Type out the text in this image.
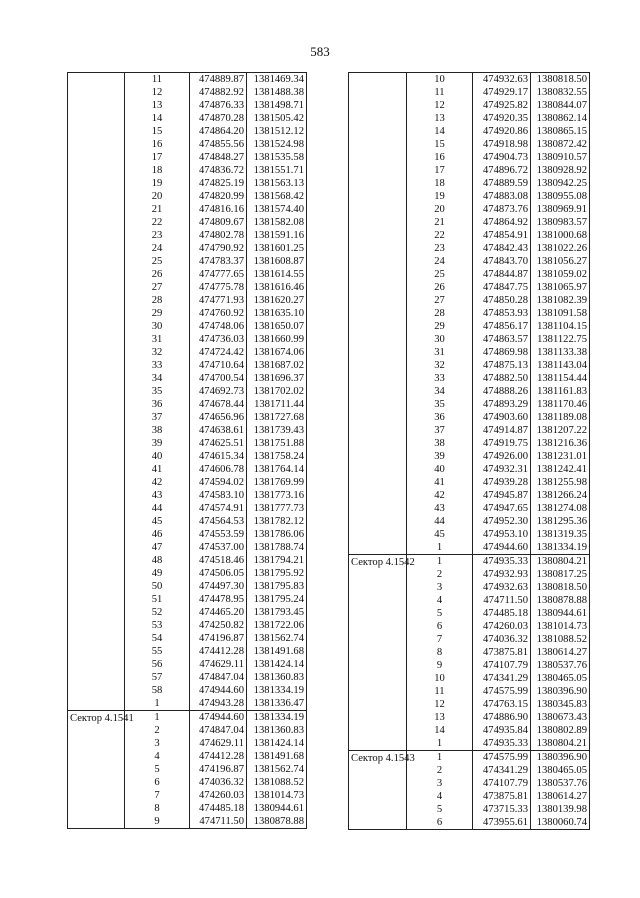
583
	11	474889.87	1381469.34
	12	474882.92	1381488.38
	13	474876.33	1381498.71
	14	474870.28	1381505.42
	15	474864.20	1381512.12
	16	474855.56	1381524.98
	17	474848.27	1381535.58
	18	474836.72	1381551.71
	19	474825.19	1381563.13
	20	474820.99	1381568.42
	21	474816.16	1381574.40
	22	474809.67	1381582.08
	23	474802.78	1381591.16
	24	474790.92	1381601.25
	25	474783.37	1381608.87
	26	474777.65	1381614.55
	27	474775.78	1381616.46
	28	474771.93	1381620.27
	29	474760.92	1381635.10
	30	474748.06	1381650.07
	31	474736.03	1381660.99
	32	474724.42	1381674.06
	33	474710.64	1381687.02
	34	474700.54	1381696.37
	35	474692.73	1381702.02
	36	474678.44	1381711.44
	37	474656.96	1381727.68
	38	474638.61	1381739.43
	39	474625.51	1381751.88
	40	474615.34	1381758.24
	41	474606.78	1381764.14
	42	474594.02	1381769.99
	43	474583.10	1381773.16
	44	474574.91	1381777.73
	45	474564.53	1381782.12
	46	474553.59	1381786.06
	47	474537.00	1381788.74
	48	474518.46	1381794.21
	49	474506.05	1381795.92
	50	474497.30	1381795.83
	51	474478.95	1381795.24
	52	474465.20	1381793.45
	53	474250.82	1381722.06
	54	474196.87	1381562.74
	55	474412.28	1381491.68
	56	474629.11	1381424.14
	57	474847.04	1381360.83
	58	474944.60	1381334.19
	1	474943.28	1381336.47
Сектор 4.1541	1	474944.60	1381334.19
	2	474847.04	1381360.83
	3	474629.11	1381424.14
	4	474412.28	1381491.68
	5	474196.87	1381562.74
	6	474036.32	1381088.52
	7	474260.03	1381014.73
	8	474485.18	1380944.61
	9	474711.50	1380878.88
	10	474932.63	1380818.50
	11	474929.17	1380832.55
	12	474925.82	1380844.07
	13	474920.35	1380862.14
	14	474920.86	1380865.15
	15	474918.98	1380872.42
	16	474904.73	1380910.57
	17	474896.72	1380928.92
	18	474889.59	1380942.25
	19	474883.08	1380955.08
	20	474873.76	1380969.91
	21	474864.92	1380983.57
	22	474854.91	1381000.68
	23	474842.43	1381022.26
	24	474843.70	1381056.27
	25	474844.87	1381059.02
	26	474847.75	1381065.97
	27	474850.28	1381082.39
	28	474853.93	1381091.58
	29	474856.17	1381104.15
	30	474863.57	1381122.75
	31	474869.98	1381133.38
	32	474875.13	1381143.04
	33	474882.50	1381154.44
	34	474888.26	1381161.83
	35	474893.29	1381170.46
	36	474903.60	1381189.08
	37	474914.87	1381207.22
	38	474919.75	1381216.36
	39	474926.00	1381231.01
	40	474932.31	1381242.41
	41	474939.28	1381255.98
	42	474945.87	1381266.24
	43	474947.65	1381274.08
	44	474952.30	1381295.36
	45	474953.10	1381319.35
	1	474944.60	1381334.19
Сектор 4.1542	1	474935.33	1380804.21
	2	474932.93	1380817.25
	3	474932.63	1380818.50
	4	474711.50	1380878.88
	5	474485.18	1380944.61
	6	474260.03	1381014.73
	7	474036.32	1381088.52
	8	473875.81	1380614.27
	9	474107.79	1380537.76
	10	474341.29	1380465.05
	11	474575.99	1380396.90
	12	474763.15	1380345.83
	13	474886.90	1380673.43
	14	474935.84	1380802.89
	1	474935.33	1380804.21
Сектор 4.1543	1	474575.99	1380396.90
	2	474341.29	1380465.05
	3	474107.79	1380537.76
	4	473875.81	1380614.27
	5	473715.33	1380139.98
	6	473955.61	1380060.74
